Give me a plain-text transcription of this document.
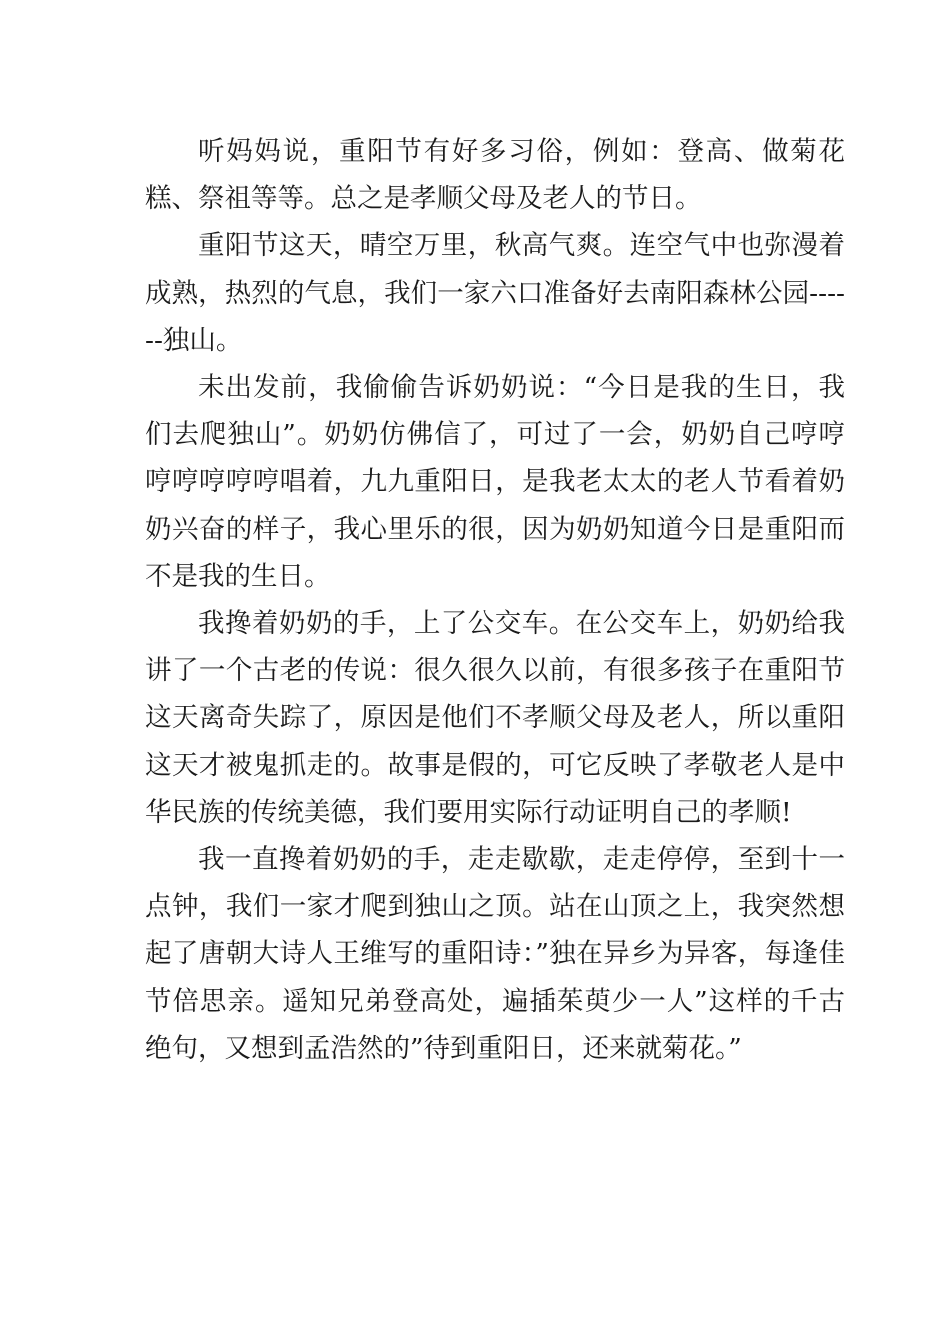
听妈妈说，重阳节有好多习俗，例如：登高、做菊花糕、祭祖等等。总之是孝顺父母及老人的节日。

重阳节这天，晴空万里，秋高气爽。连空气中也弥漫着成熟，热烈的气息，我们一家六口准备好去南阳森林公园------独山。

未出发前，我偷偷告诉奶奶说：“今日是我的生日，我们去爬独山”。奶奶仿佛信了，可过了一会，奶奶自己哼哼哼哼哼哼哼唱着，九九重阳日，是我老太太的老人节看着奶奶兴奋的样子，我心里乐的很，因为奶奶知道今日是重阳而不是我的生日。

我搀着奶奶的手，上了公交车。在公交车上，奶奶给我讲了一个古老的传说：很久很久以前，有很多孩子在重阳节这天离奇失踪了，原因是他们不孝顺父母及老人，所以重阳这天才被鬼抓走的。故事是假的，可它反映了孝敬老人是中华民族的传统美德，我们要用实际行动证明自己的孝顺!

我一直搀着奶奶的手，走走歇歇，走走停停，至到十一点钟，我们一家才爬到独山之顶。站在山顶之上，我突然想起了唐朝大诗人王维写的重阳诗：”独在异乡为异客，每逢佳节倍思亲。遥知兄弟登高处，遍插茱萸少一人”这样的千古绝句，又想到孟浩然的”待到重阳日，还来就菊花。”
